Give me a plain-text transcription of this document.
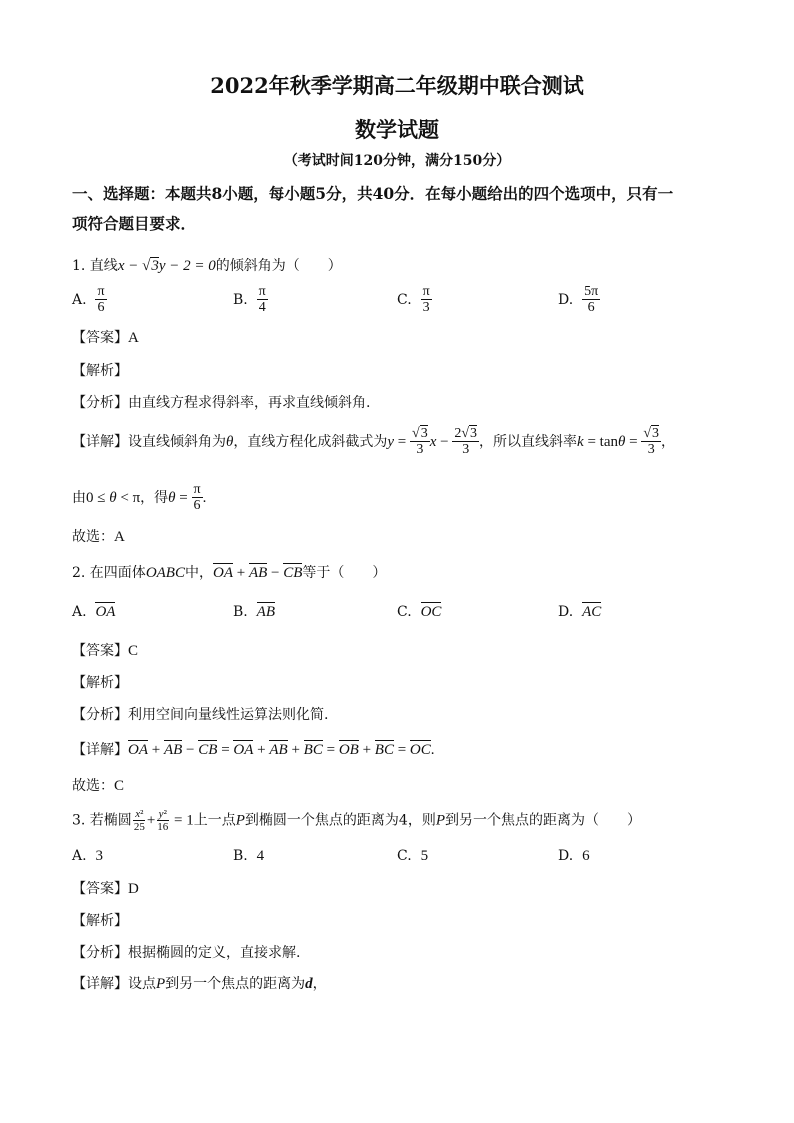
2022年秋季学期高二年级期中联合测试
数学试题
（考试时间120分钟，满分150分）
一、选择题：本题共8小题，每小题5分，共40分．在每小题给出的四个选项中，只有一
项符合题目要求．
1. 直线x − √3y − 2 = 0的倾斜角为（　　）
A. $\frac{\pi}{6}$	B. $\frac{\pi}{4}$	C. $\frac{\pi}{3}$	D. $\frac{5\pi}{6}$
【答案】A
【解析】
【分析】由直线方程求得斜率，再求直线倾斜角.
【详解】设直线倾斜角为θ，直线方程化成斜截式为$y = \frac{√3}{3}$ $x - \frac{2√3}{3}$ ，所以直线斜率$k = \tan\theta = \frac{√3}{3}$ ，
由0 ≤ θ < π，得$\theta = \frac{\pi}{6}$ .
故选：A
2. 在四面体OABC中，OA + AB − CB等于（　　）
A. OA	B. AB	C. OC	D. AC
【答案】C
【解析】
【分析】利用空间向量线性运算法则化简.
【详解】OA + AB − CB = OA + AB + BC = OB + BC = OC.
故选：C
3. 若椭圆 $\frac{\text{x²}}{25} + \frac{\text{y²}}{16} = 1$上一点P到椭圆一个焦点的距离为4，则P到另一个焦点的距离为（　　）
A. 3	B. 4	C. 5	D. 6
【答案】D
【解析】
【分析】根据椭圆的定义，直接求解.
【详解】设点P到另一个焦点的距离为d，
